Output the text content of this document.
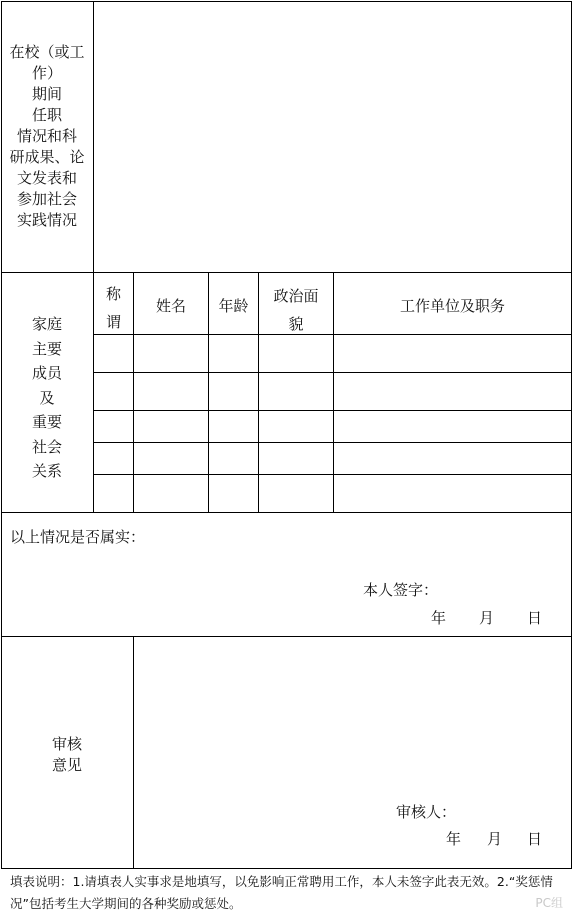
在校（或工
作）
期间
任职
情况和科
研成果、论
文发表和
参加社会
实践情况
家庭
主要
成员
及
重要
社会
关系
称
谓
姓名	年龄
政治面
貌
工作单位及职务
以上情况是否属实：
本人签字：
年 月 日
审核
意见
审核人：
年 月 日
填表说明：1.请填表人实事求是地填写，以免影响正常聘用工作，本人未签字此表无效。2.“奖惩情况”包括考生大学期间的各种奖励或惩处。	PC组
